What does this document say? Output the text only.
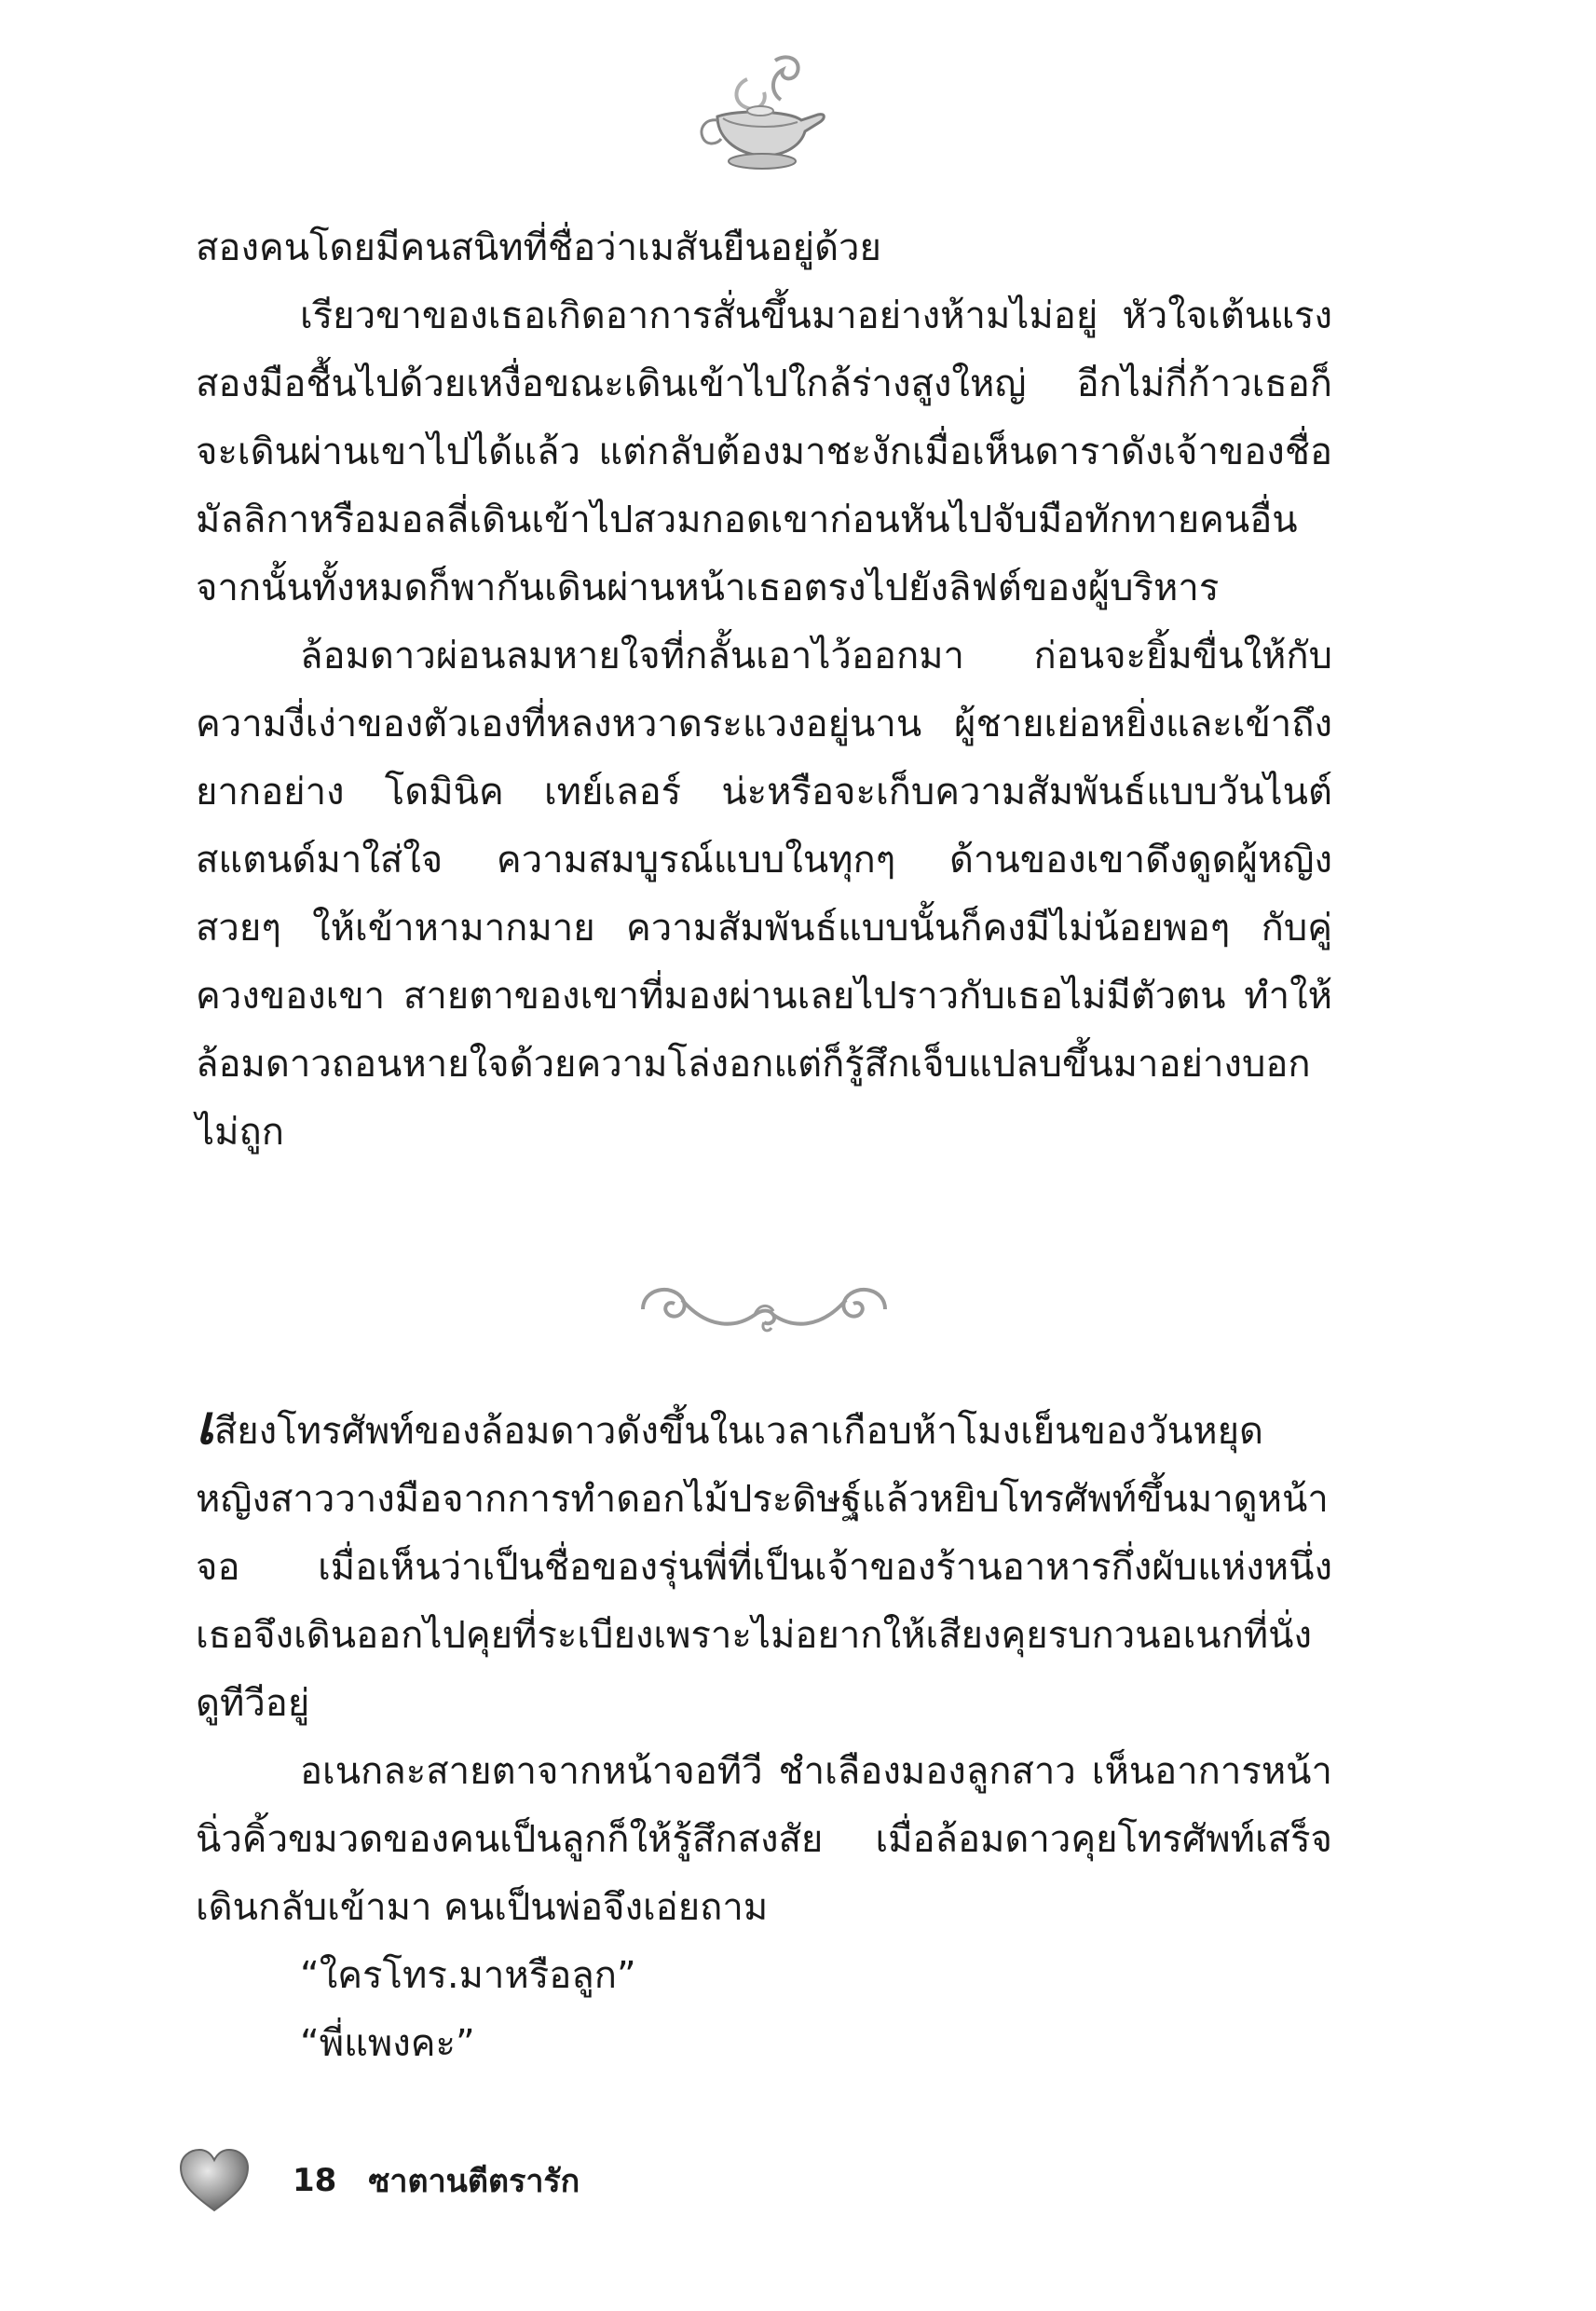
สองคนโดยมีคนสนิทที่ชื่อว่าเมสันยืนอยู่ด้วย

เรียวขาของเธอเกิดอาการสั่นขึ้นมาอย่างห้ามไม่อยู่ หัวใจเต้นแรง สองมือชื้นไปด้วยเหงื่อขณะเดินเข้าไปใกล้ร่างสูงใหญ่ อีกไม่กี่ก้าวเธอก็จะเดินผ่านเขาไปได้แล้ว แต่กลับต้องมาชะงักเมื่อเห็นดาราดังเจ้าของชื่อมัลลิกาหรือมอลลี่เดินเข้าไปสวมกอดเขาก่อนหันไปจับมือทักทายคนอื่น จากนั้นทั้งหมดก็พากันเดินผ่านหน้าเธอตรงไปยังลิฟต์ของผู้บริหาร

ล้อมดาวผ่อนลมหายใจที่กลั้นเอาไว้ออกมา ก่อนจะยิ้มขื่นให้กับความงี่เง่าของตัวเองที่หลงหวาดระแวงอยู่นาน ผู้ชายเย่อหยิ่งและเข้าถึงยากอย่าง โดมินิค เทย์เลอร์ น่ะหรือจะเก็บความสัมพันธ์แบบวันไนต์สแตนด์มาใส่ใจ ความสมบูรณ์แบบในทุกๆ ด้านของเขาดึงดูดผู้หญิงสวยๆ ให้เข้าหามากมาย ความสัมพันธ์แบบนั้นก็คงมีไม่น้อยพอๆ กับคู่ควงของเขา สายตาของเขาที่มองผ่านเลยไปราวกับเธอไม่มีตัวตน ทำให้ล้อมดาวถอนหายใจด้วยความโล่งอกแต่ก็รู้สึกเจ็บแปลบขึ้นมาอย่างบอกไม่ถูก

เสียงโทรศัพท์ของล้อมดาวดังขึ้นในเวลาเกือบห้าโมงเย็นของวันหยุด หญิงสาววางมือจากการทำดอกไม้ประดิษฐ์แล้วหยิบโทรศัพท์ขึ้นมาดูหน้าจอ เมื่อเห็นว่าเป็นชื่อของรุ่นพี่ที่เป็นเจ้าของร้านอาหารกึ่งผับแห่งหนึ่ง เธอจึงเดินออกไปคุยที่ระเบียงเพราะไม่อยากให้เสียงคุยรบกวนอเนกที่นั่งดูทีวีอยู่

อเนกละสายตาจากหน้าจอทีวี ชำเลืองมองลูกสาว เห็นอาการหน้านิ่วคิ้วขมวดของคนเป็นลูกก็ให้รู้สึกสงสัย เมื่อล้อมดาวคุยโทรศัพท์เสร็จเดินกลับเข้ามา คนเป็นพ่อจึงเอ่ยถาม

“ใครโทร.มาหรือลูก”

“พี่แพงคะ”

18 ซาตานตีตรารัก
